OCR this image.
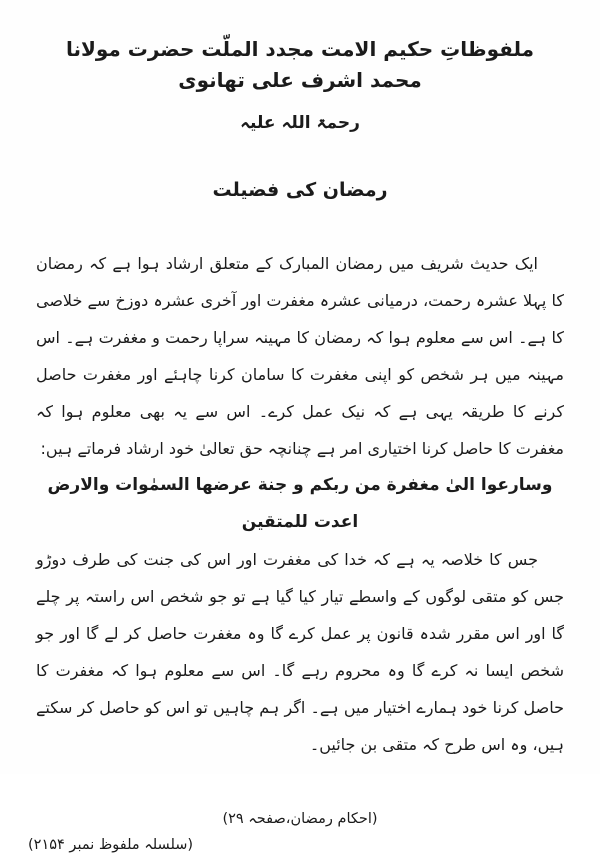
ملفوظاتِ حکیم الامت مجدد الملّت حضرت مولانا محمد اشرف علی تھانوی
رحمۃ اللہ علیہ
رمضان کی فضیلت

ایک حدیث شریف میں رمضان المبارک کے متعلق ارشاد ہوا ہے کہ رمضان کا پہلا عشرہ رحمت، درمیانی عشرہ مغفرت اور آخری عشرہ دوزخ سے خلاصی کا ہے۔ اس سے معلوم ہوا کہ رمضان کا مہینہ سراپا رحمت و مغفرت ہے۔ اس مہینہ میں ہر شخص کو اپنی مغفرت کا سامان کرنا چاہئے اور مغفرت حاصل کرنے کا طریقہ یہی ہے کہ نیک عمل کرے۔ اس سے یہ بھی معلوم ہوا کہ مغفرت کا حاصل کرنا اختیاری امر ہے چنانچہ حق تعالیٰ خود ارشاد فرماتے ہیں:

وسارعوا الیٰ مغفرة من ربکم و جنة عرضها السمٰوات والارض اعدت للمتقین

جس کا خلاصہ یہ ہے کہ خدا کی مغفرت اور اس کی جنت کی طرف دوڑو جس کو متقی لوگوں کے واسطے تیار کیا گیا ہے تو جو شخص اس راستہ پر چلے گا اور اس مقرر شدہ قانون پر عمل کرے گا وہ مغفرت حاصل کر لے گا اور جو شخص ایسا نہ کرے گا وہ محروم رہے گا۔ اس سے معلوم ہوا کہ مغفرت کا حاصل کرنا خود ہمارے اختیار میں ہے۔ اگر ہم چاہیں تو اس کو حاصل کر سکتے ہیں، وہ اس طرح کہ متقی بن جائیں۔

(احکام رمضان،صفحہ ۲۹)
(سلسلہ ملفوظ نمبر ۲۱۵۴)
